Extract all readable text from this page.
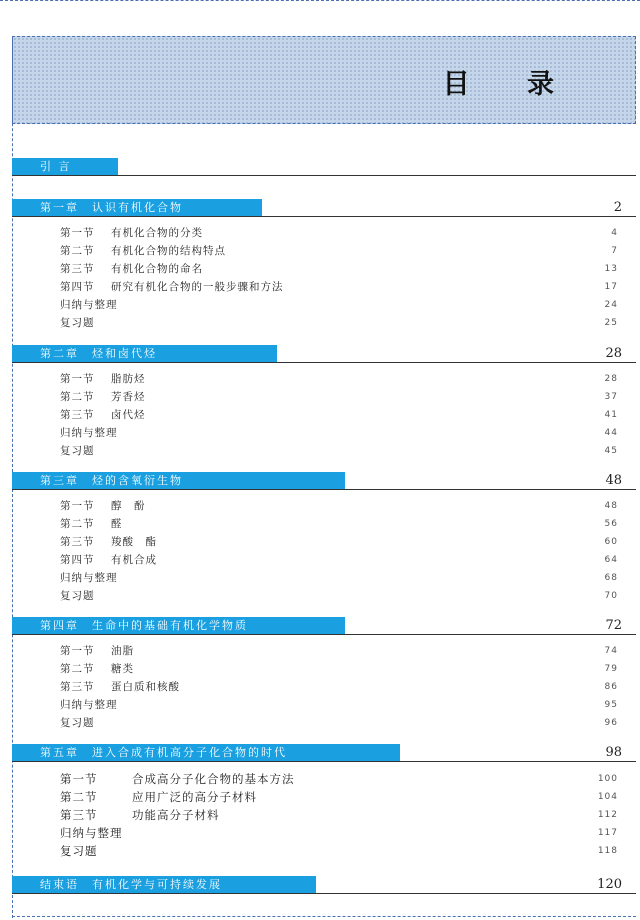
目 录
引 言
第一章　认识有机化合物	2
第一节 有机化合物的分类	4
第二节 有机化合物的结构特点	7
第三节 有机化合物的命名	13
第四节 研究有机化合物的一般步骤和方法	17
归纳与整理	24
复习题	25
第二章　烃和卤代烃	28
第一节 脂肪烃	28
第二节 芳香烃	37
第三节 卤代烃	41
归纳与整理	44
复习题	45
第三章　烃的含氧衍生物	48
第一节 醇　酚	48
第二节 醛	56
第三节 羧酸　酯	60
第四节 有机合成	64
归纳与整理	68
复习题	70
第四章　生命中的基础有机化学物质	72
第一节 油脂	74
第二节 糖类	79
第三节 蛋白质和核酸	86
归纳与整理	95
复习题	96
第五章　进入合成有机高分子化合物的时代	98
第一节	合成高分子化合物的基本方法	100
第二节	应用广泛的高分子材料	104
第三节	功能高分子材料	112
归纳与整理	117
复习题	118
结束语　有机化学与可持续发展	120
